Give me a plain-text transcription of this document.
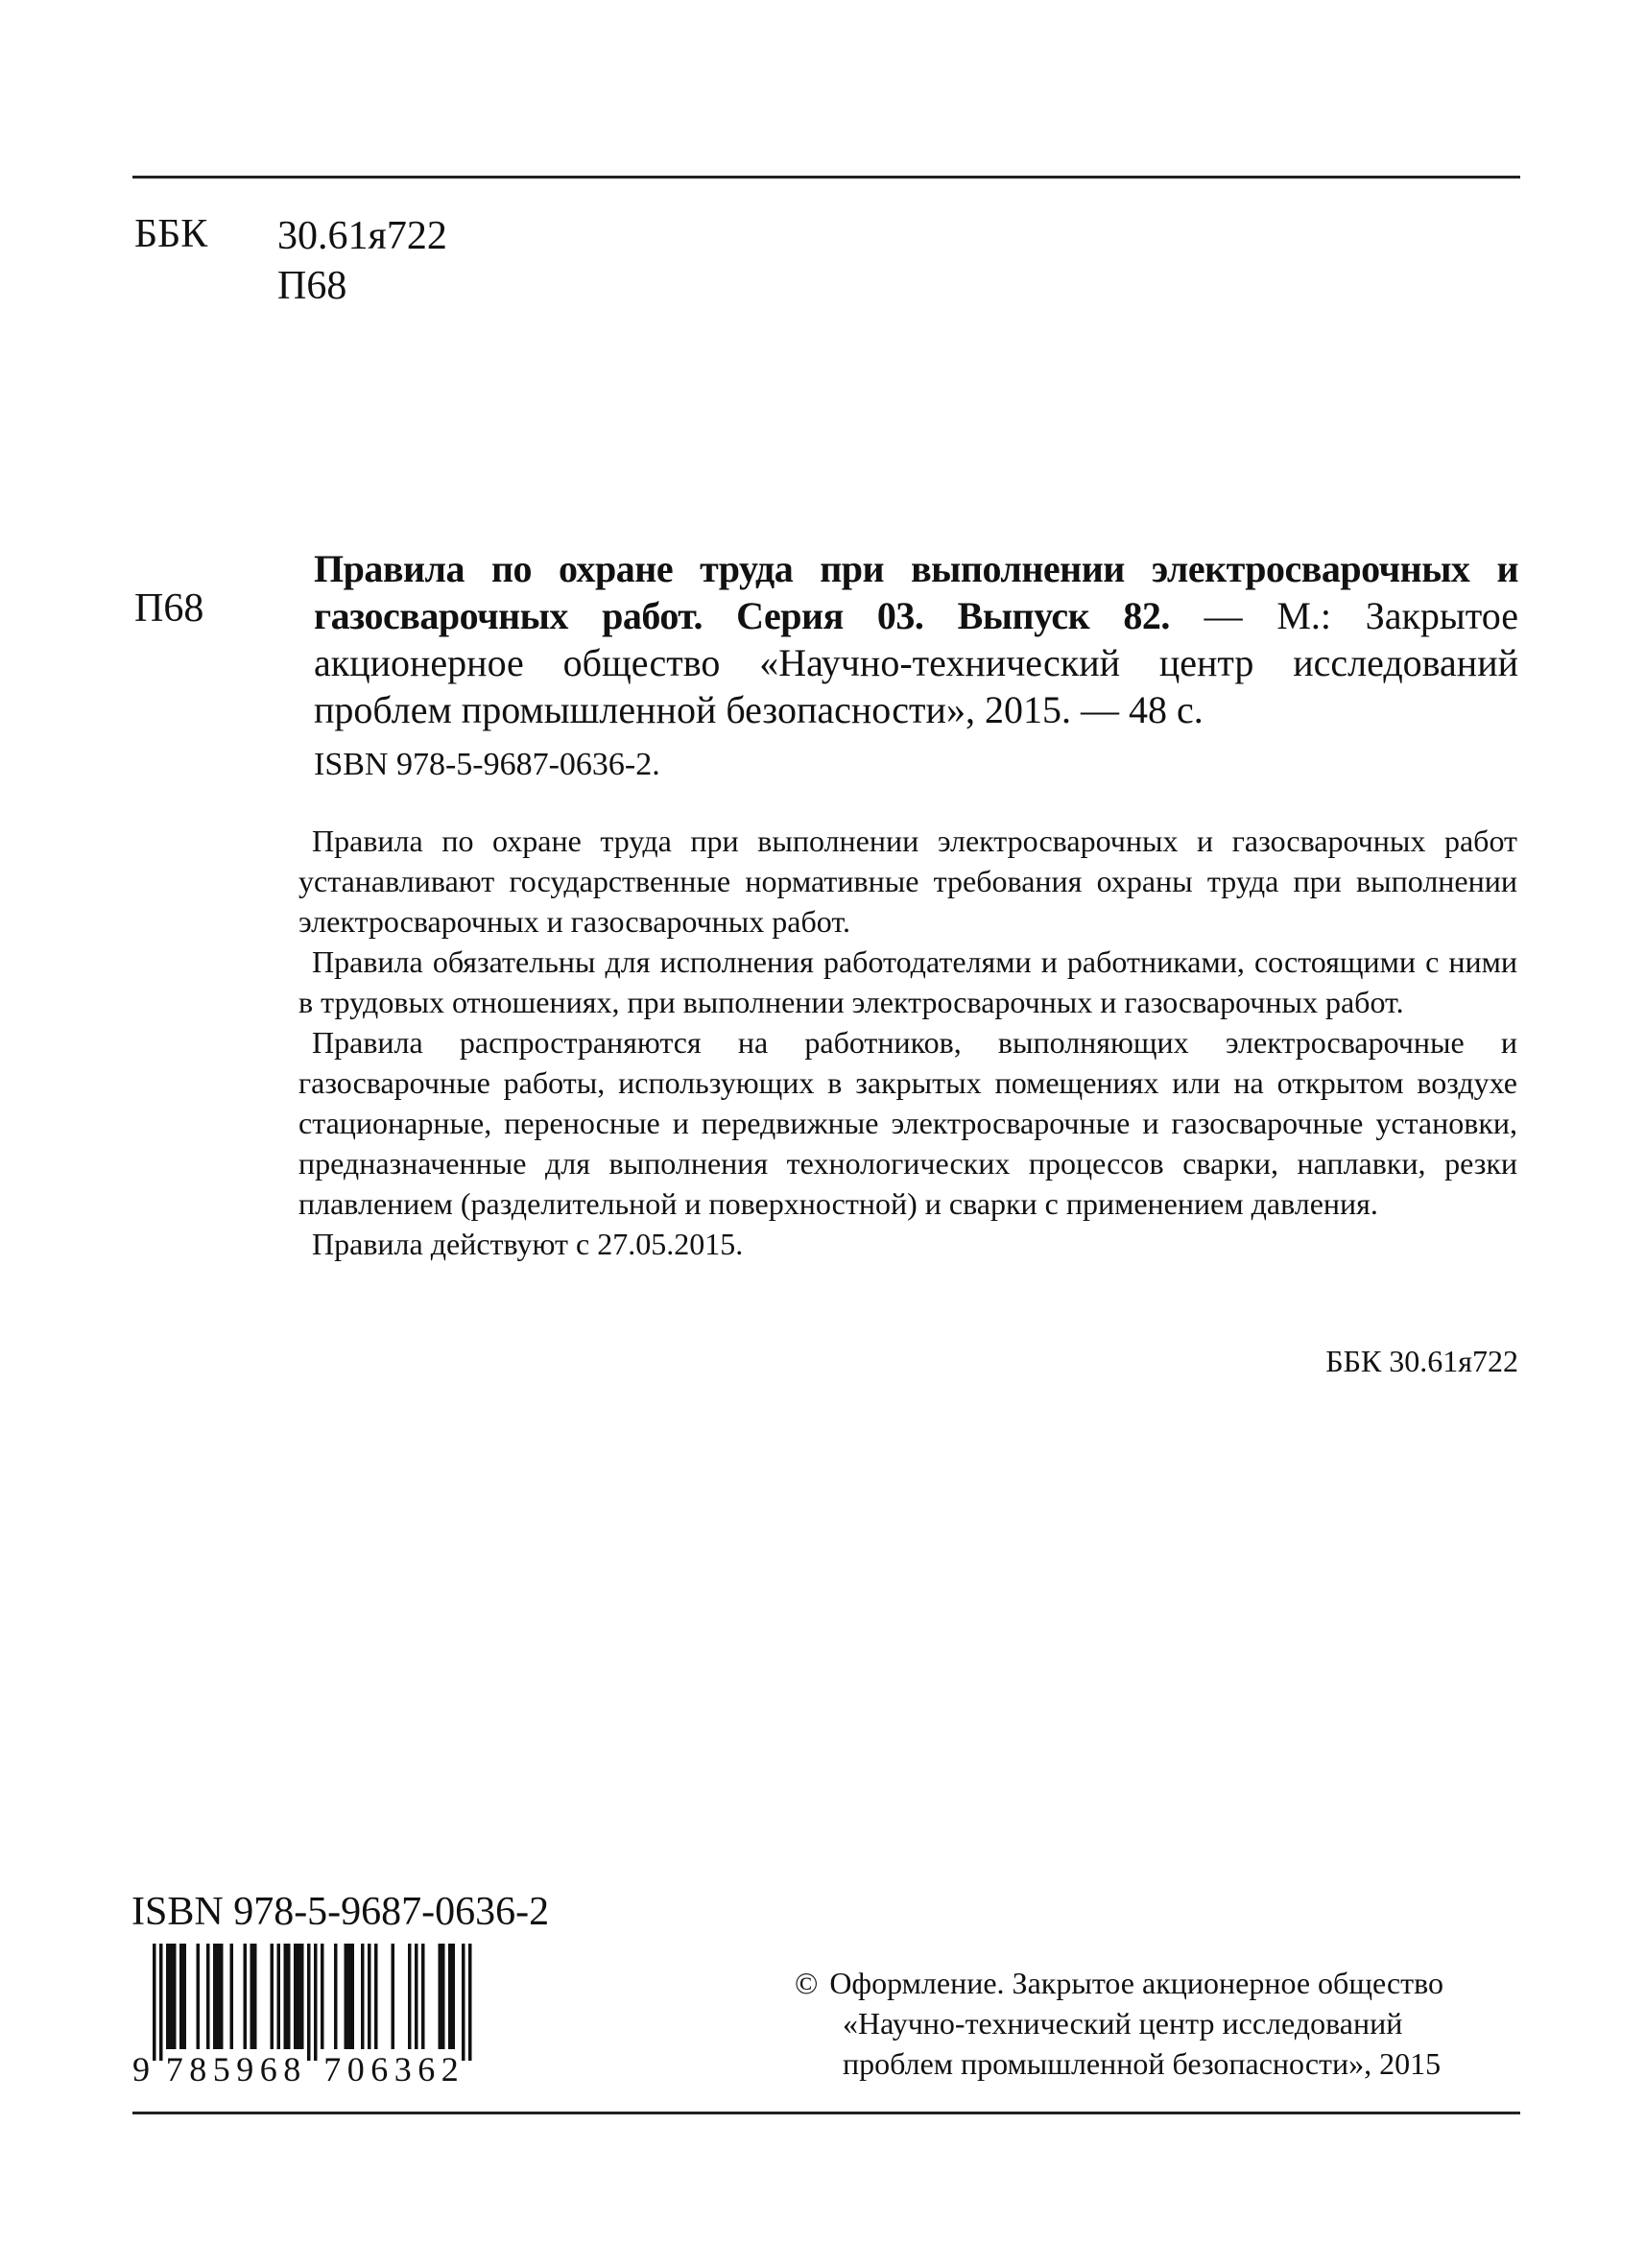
ББК 30.61я722
П68
П68
Правила по охране труда при выполнении электросварочных и газосварочных работ. Серия 03. Выпуск 82. — М.: Закрытое акционерное общество «Научно-технический центр исследований проблем промышленной безопасности», 2015. — 48 с.
ISBN 978-5-9687-0636-2.

Правила по охране труда при выполнении электросварочных и газосварочных работ устанавливают государственные нормативные требования охраны труда при выполнении электросварочных и газосварочных работ.

Правила обязательны для исполнения работодателями и работниками, состоящими с ними в трудовых отношениях, при выполнении электросварочных и газосварочных работ.

Правила распространяются на работников, выполняющих электросварочные и газосварочные работы, использующих в закрытых помещениях или на открытом воздухе стационарные, переносные и передвижные электросварочные и газосварочные установки, предназначенные для выполнения технологических процессов сварки, наплавки, резки плавлением (разделительной и поверхностной) и сварки с применением давления.

Правила действуют с 27.05.2015.

ББК 30.61я722
ISBN 978-5-9687-0636-2
9 7 8 5 9 6 8 7 0 6 3 6 2
© Оформление. Закрытое акционерное общество
«Научно-технический центр исследований
проблем промышленной безопасности», 2015
